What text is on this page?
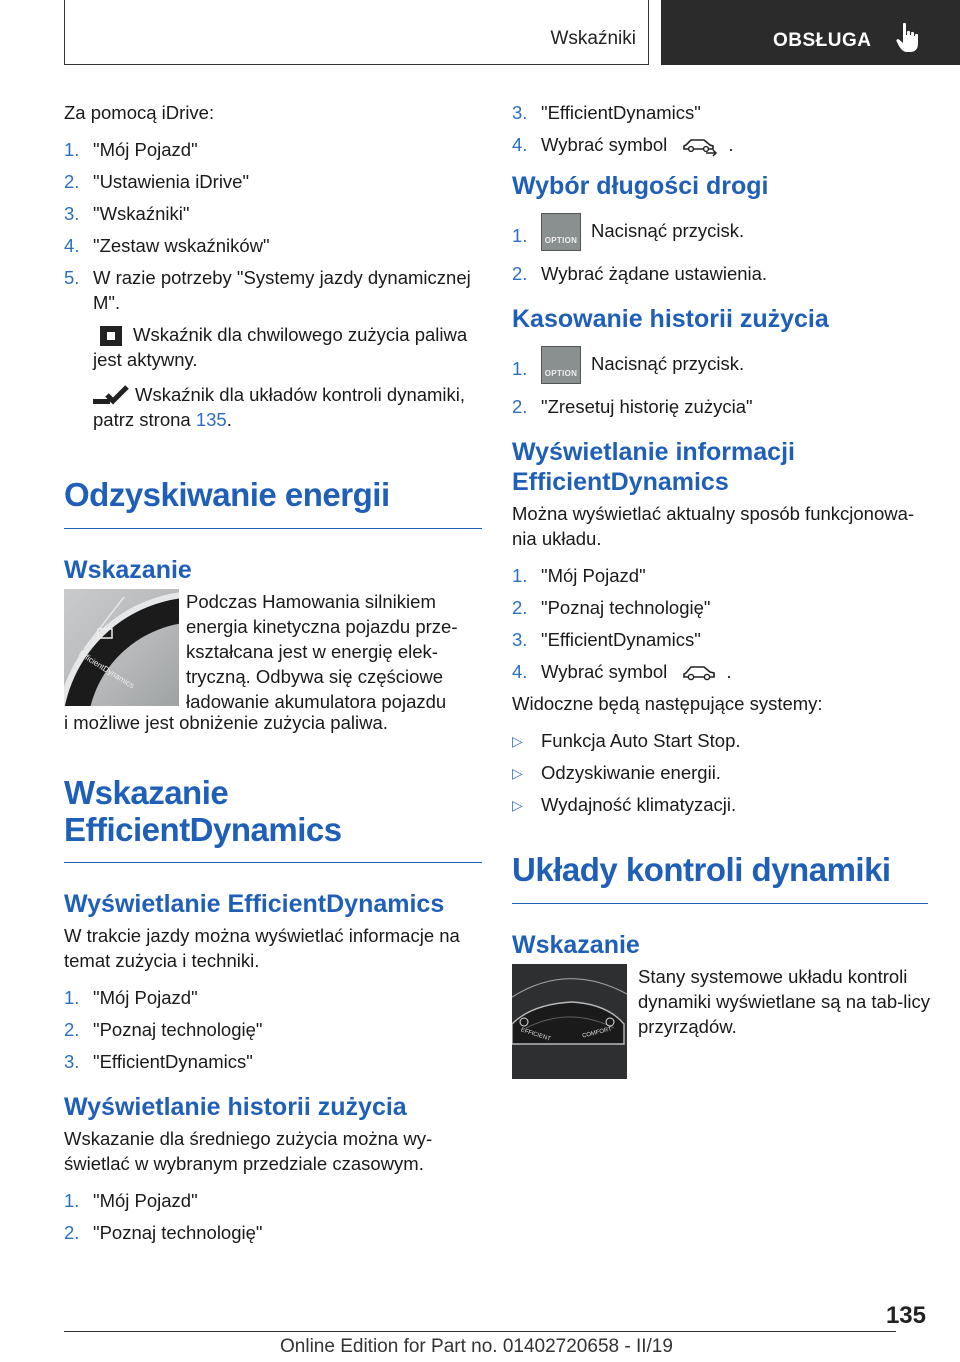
Wskaźniki	OBSŁUGA

Za pomocą iDrive:

1. "Mój Pojazd"
2. "Ustawienia iDrive"
3. "Wskaźniki"
4. "Zestaw wskaźników"
5. W razie potrzeby "Systemy jazdy dynamicznej M".

Wskaźnik dla chwilowego zużycia paliwa jest aktywny.

Wskaźnik dla układów kontroli dynamiki, patrz strona 135.

Odzyskiwanie energii
Wskazanie
EfficientDynamics

Podczas Hamowania silnikiem energia kinetyczna pojazdu prze‐kształcana jest w energię elek‐tryczną. Odbywa się częściowe ładowanie akumulatora pojazdu

i możliwe jest obniżenie zużycia paliwa.

Wskazanie
EfficientDynamics
Wyświetlanie EfficientDynamics

W trakcie jazdy można wyświetlać informacje na temat zużycia i techniki.

1. "Mój Pojazd"
2. "Poznaj technologię"
3. "EfficientDynamics"
Wyświetlanie historii zużycia

Wskazanie dla średniego zużycia można wy‐świetlać w wybranym przedziale czasowym.

1. "Mój Pojazd"
2. "Poznaj technologię"
3. "EfficientDynamics"
4. Wybrać symbol	.
Wybór długości drogi
1.	OPTION Nacisnąć przycisk.
2. Wybrać żądane ustawienia.
Kasowanie historii zużycia
1.	OPTION Nacisnąć przycisk.
2. "Zresetuj historię zużycia"
Wyświetlanie informacji
EfficientDynamics

Można wyświetlać aktualny sposób funkcjonowa‐nia układu.

1. "Mój Pojazd"
2. "Poznaj technologię"
3. "EfficientDynamics"
4. Wybrać symbol	.

Widoczne będą następujące systemy:

▷ Funkcja Auto Start Stop.
▷ Odzyskiwanie energii.
▷ Wydajność klimatyzacji.
Układy kontroli dynamiki
Wskazanie
EFFICIENT	COMFORT

Stany systemowe układu kontroli dynamiki wyświetlane są na tab‐licy przyrządów.

135
Online Edition for Part no. 01402720658 - II/19
